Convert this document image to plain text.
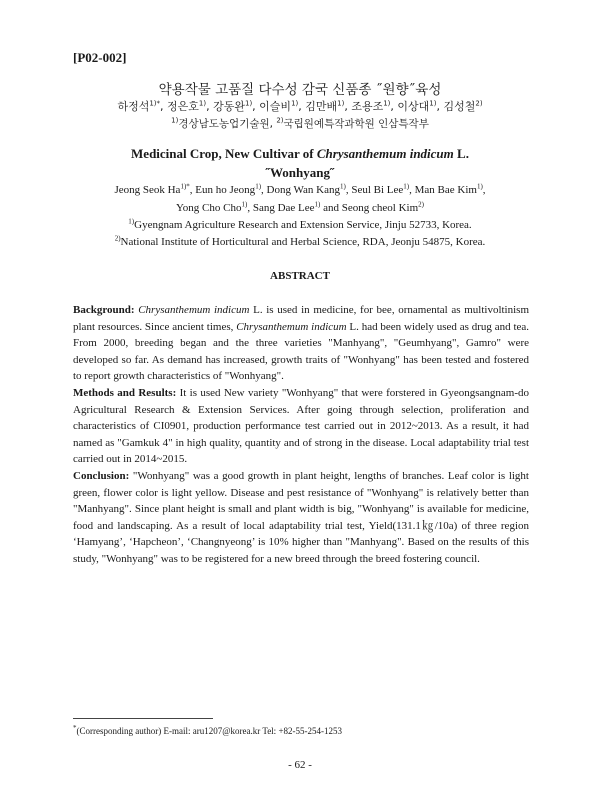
[P02-002]
약용작물 고품질 다수성 감국 신품종 ˝원향˝육성
하정석$^{1)*}$, 정은호$^{1)}$, 강동완$^{1)}$, 이슬비$^{1)}$, 김만배$^{1)}$, 조용조$^{1)}$, 이상대$^{1)}$, 김성철$^{2)}$
$^{1)}$경상남도농업기술원, $^{2)}$국립원예특작과학원 인삼특작부
Medicinal Crop, New Cultivar of Chrysanthemum indicum L.
˝Wonhyang˝
Jeong Seok $Ha^{1)*}$, Eun ho Jeong$^{1)}$, Dong Wan Kang$^{1)}$, Seul Bi Lee$^{1)}$, Man Bae Kim$^{1)}$,
Yong Cho Cho$^{1)}$, Sang Dae Lee$^{1)}$ and Seong cheol Kim$^{2)}$
$^{1)}$Gyengnam Agriculture Research and Extension Service, Jinju 52733, Korea.
$^{2)}$National Institute of Horticultural and Herbal Science, RDA, Jeonju 54875, Korea.
ABSTRACT

Background: Chrysanthemum indicum L. is used in medicine, for bee, ornamental as multivoltinism plant resources. Since ancient times, Chrysanthemum indicum L. had been widely used as drug and tea. From 2000, breeding began and the three varieties "Manhyang", "Geumhyang", Gamro" were developed so far. As demand has increased, growth traits of "Wonhyang" has been tested and fostered to report growth characteristics of "Wonhyang".

Methods and Results: It is used New variety "Wonhyang" that were forstered in Gyeongsangnam-do Agricultural Research & Extension Services. After going through selection, proliferation and characteristics of CI0901, production performance test carried out in 2012~2013. As a result, it had named as "Gamkuk 4" in high quality, quantity and of strong in the disease. Local adaptability trial test carried out in 2014~2015.

Conclusion: "Wonhyang" was a good growth in plant height, lengths of branches. Leaf color is light green, flower color is light yellow. Disease and pest resistance of "Wonhyang" is relatively better than "Manhyang". Since plant height is small and plant width is big, "Wonhyang" is available for medicine, food and landscaping. As a result of local adaptability trial test, Yield(131.1㎏/10a) of three region ‘Hamyang’, ‘Hapcheon’, ‘Changnyeong’ is 10% higher than "Manhyang". Based on the results of this study, "Wonhyang" was to be registered for a new breed through the breed fostering council.

*(Corresponding author) E-mail: aru1207@korea.kr Tel: +82-55-254-1253
- 62 -
